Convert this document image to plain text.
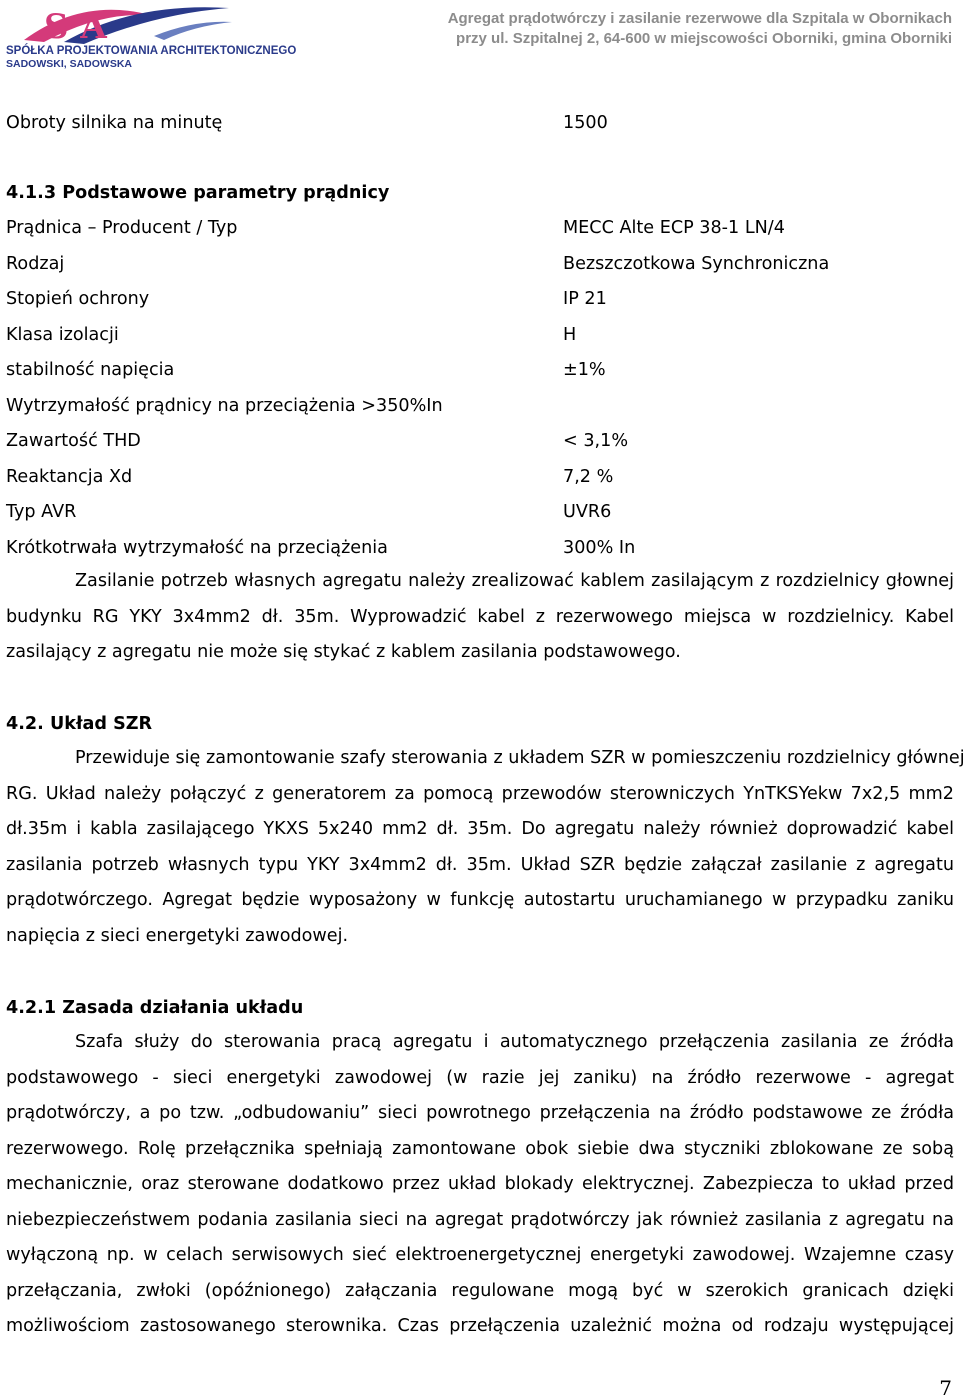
S A
SPÓŁKA PROJEKTOWANIA ARCHITEKTONICZNEGO
SADOWSKI, SADOWSKA
Agregat prądotwórczy i zasilanie rezerwowe dla Szpitala w Obornikach
przy ul. Szpitalnej 2, 64-600 w miejscowości Oborniki, gmina Oborniki
Obroty silnika na minutę	1500
4.1.3 Podstawowe parametry prądnicy
Prądnica – Producent / Typ	MECC Alte ECP 38-1 LN/4
Rodzaj	Bezszczotkowa Synchroniczna
Stopień ochrony	IP 21
Klasa izolacji	H
stabilność napięcia	±1%
Wytrzymałość prądnicy na przeciążenia >350%In
Zawartość THD	< 3,1%
Reaktancja Xd	7,2 %
Typ AVR	UVR6
Krótkotrwała wytrzymałość na przeciążenia	300% In
Zasilanie potrzeb własnych agregatu należy zrealizować kablem zasilającym z rozdzielnicy głownej
budynku RG YKY 3x4mm2 dł. 35m. Wyprowadzić kabel z rezerwowego miejsca w rozdzielnicy. Kabel
zasilający z agregatu nie może się stykać z kablem zasilania podstawowego.
4.2. Układ SZR
Przewiduje się zamontowanie szafy sterowania z układem SZR w pomieszczeniu rozdzielnicy głównej
RG. Układ należy połączyć z generatorem za pomocą przewodów sterowniczych YnTKSYekw 7x2,5 mm2
dł.35m i kabla zasilającego YKXS 5x240 mm2 dł. 35m. Do agregatu należy również doprowadzić kabel
zasilania potrzeb własnych typu YKY 3x4mm2 dł. 35m. Układ SZR będzie załączał zasilanie z agregatu
prądotwórczego. Agregat będzie wyposażony w funkcję autostartu uruchamianego w przypadku zaniku
napięcia z sieci energetyki zawodowej.
4.2.1 Zasada działania układu
Szafa służy do sterowania pracą agregatu i automatycznego przełączenia zasilania ze źródła
podstawowego - sieci energetyki zawodowej (w razie jej zaniku) na źródło rezerwowe - agregat
prądotwórczy, a po tzw. „odbudowaniu” sieci powrotnego przełączenia na źródło podstawowe ze źródła
rezerwowego. Rolę przełącznika spełniają zamontowane obok siebie dwa styczniki zblokowane ze sobą
mechanicznie, oraz sterowane dodatkowo przez układ blokady elektrycznej. Zabezpiecza to układ przed
niebezpieczeństwem podania zasilania sieci na agregat prądotwórczy jak również zasilania z agregatu na
wyłączoną np. w celach serwisowych sieć elektroenergetycznej energetyki zawodowej. Wzajemne czasy
przełączania, zwłoki (opóźnionego) załączania regulowane mogą być w szerokich granicach dzięki
możliwościom zastosowanego sterownika. Czas przełączenia uzależnić można od rodzaju występującej
7
